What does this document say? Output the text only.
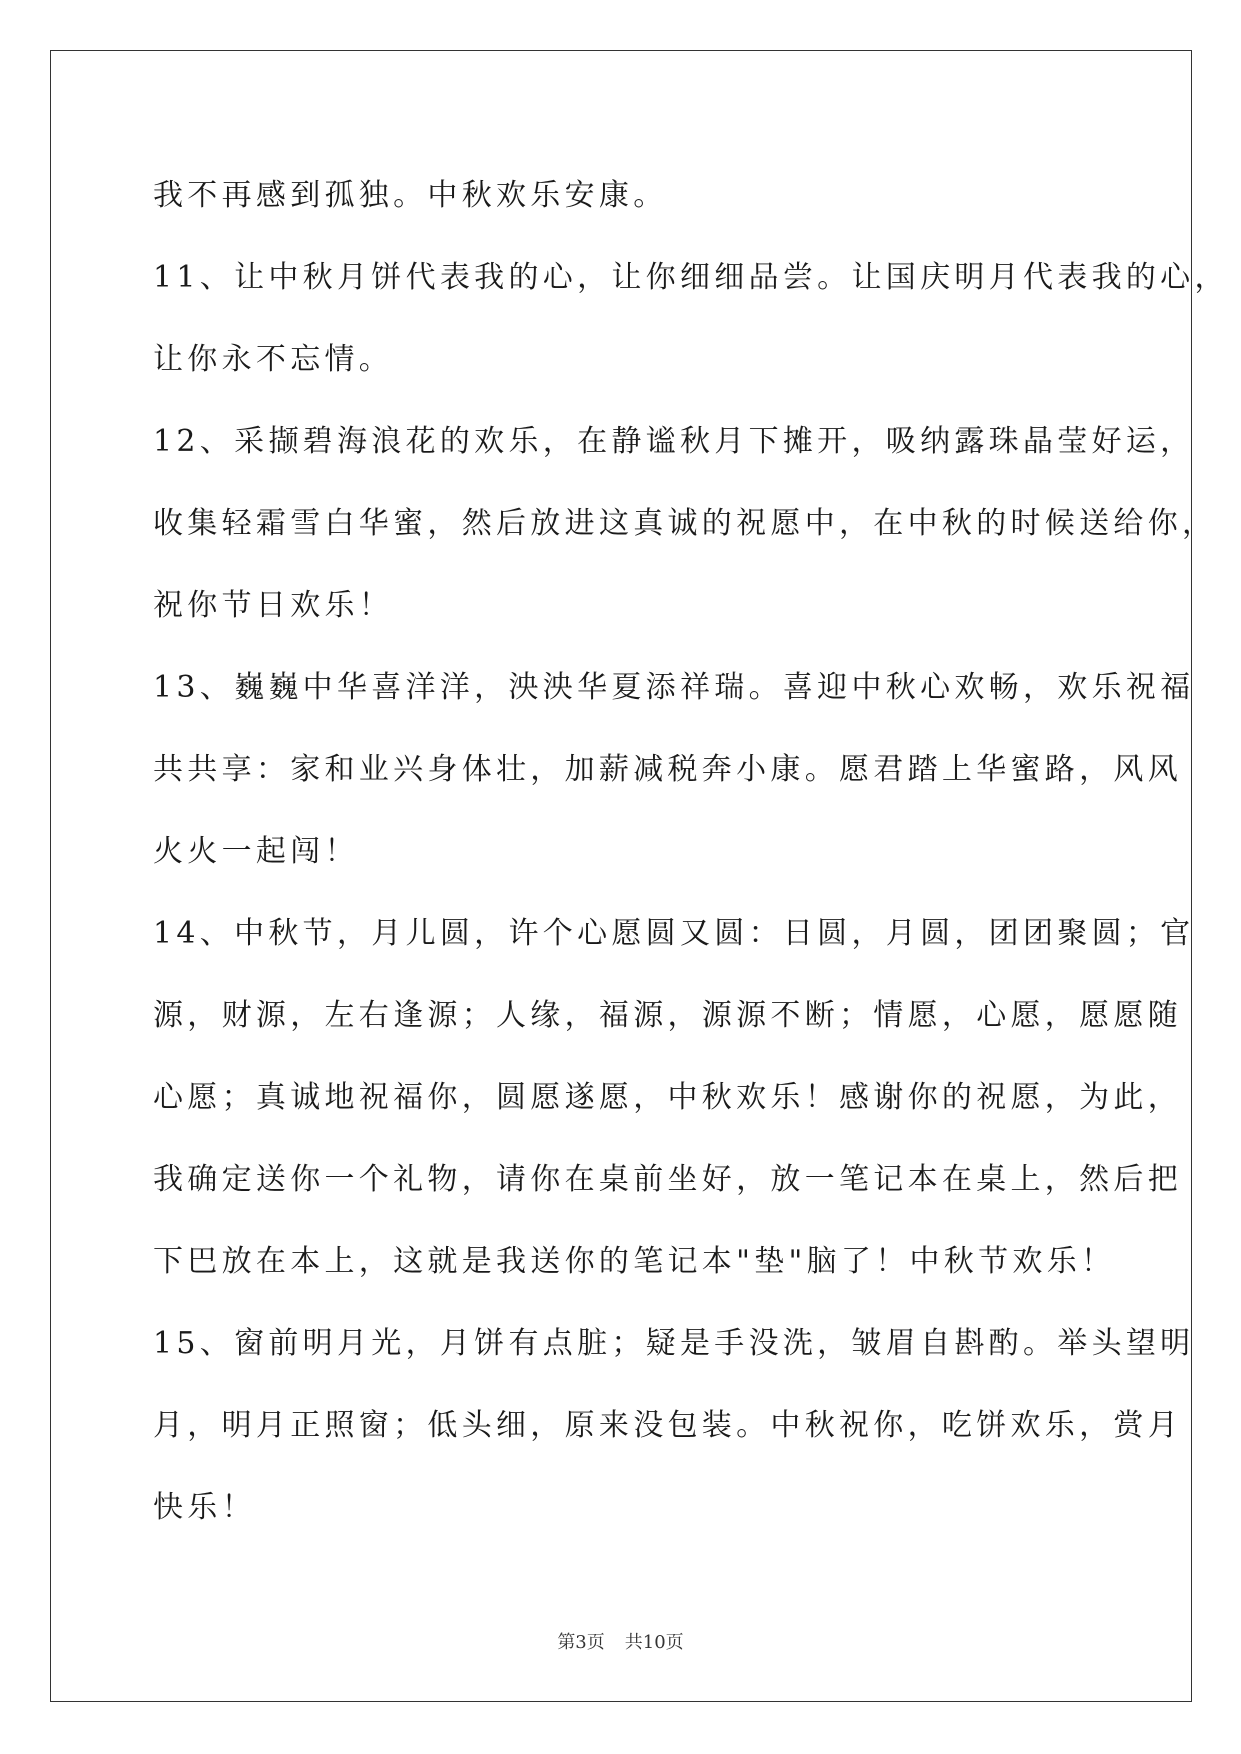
我不再感到孤独。中秋欢乐安康。
11、让中秋月饼代表我的心，让你细细品尝。让国庆明月代表我的心，
让你永不忘情。
12、采撷碧海浪花的欢乐，在静谧秋月下摊开，吸纳露珠晶莹好运，
收集轻霜雪白华蜜，然后放进这真诚的祝愿中，在中秋的时候送给你，
祝你节日欢乐！
13、巍巍中华喜洋洋，泱泱华夏添祥瑞。喜迎中秋心欢畅，欢乐祝福
共共享：家和业兴身体壮，加薪减税奔小康。愿君踏上华蜜路，风风
火火一起闯！
14、中秋节，月儿圆，许个心愿圆又圆：日圆，月圆，团团聚圆；官
源，财源，左右逢源；人缘，福源，源源不断；情愿，心愿，愿愿随
心愿；真诚地祝福你，圆愿遂愿，中秋欢乐！感谢你的祝愿，为此，
我确定送你一个礼物，请你在桌前坐好，放一笔记本在桌上，然后把
下巴放在本上，这就是我送你的笔记本"垫"脑了！中秋节欢乐！
15、窗前明月光，月饼有点脏；疑是手没洗，皱眉自斟酌。举头望明
月，明月正照窗；低头细，原来没包装。中秋祝你，吃饼欢乐，赏月
快乐！
第3页 共10页
